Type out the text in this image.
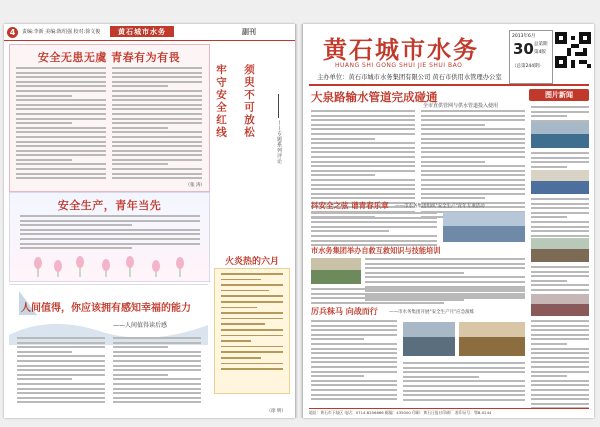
4	责编:李新 美编:陈绍强 校对:徐文俊	黄石城市水务	副刊
安全无患无虞 青春有为有畏
（张 涛）
牢守安全红线 须臾不可放松
——专题系列评论
安全生产，青年当先
人间值得，你应该拥有感知幸福的能力
——人间值得读后感
火炎热的六月
（徐 明）
黄石城市水务
HUANG SHI GONG SHUI JIE SHUI BAO
主办单位：黄石市城市水务集团有限公司 黄石市供用水管理办公室
2013年6月
30 总第期
第4版
（总第244期）
大泉路输水管道完成碰通
全市直供管网与供水管道投入使用
图片新闻
抖安全之弦 谱青春乐章 ——市水务集团组织"安全生产"青年专项活动
市水务集团举办自救互救知识与技能培训
厉兵秣马 向战而行 ——市水务集团开展"安全生产月"应急演练
地址：黄石市下陆区 电话：0714-6256666 邮编：435000 印刷：黄石日报社印刷厂 准印证号：鄂B-0244
